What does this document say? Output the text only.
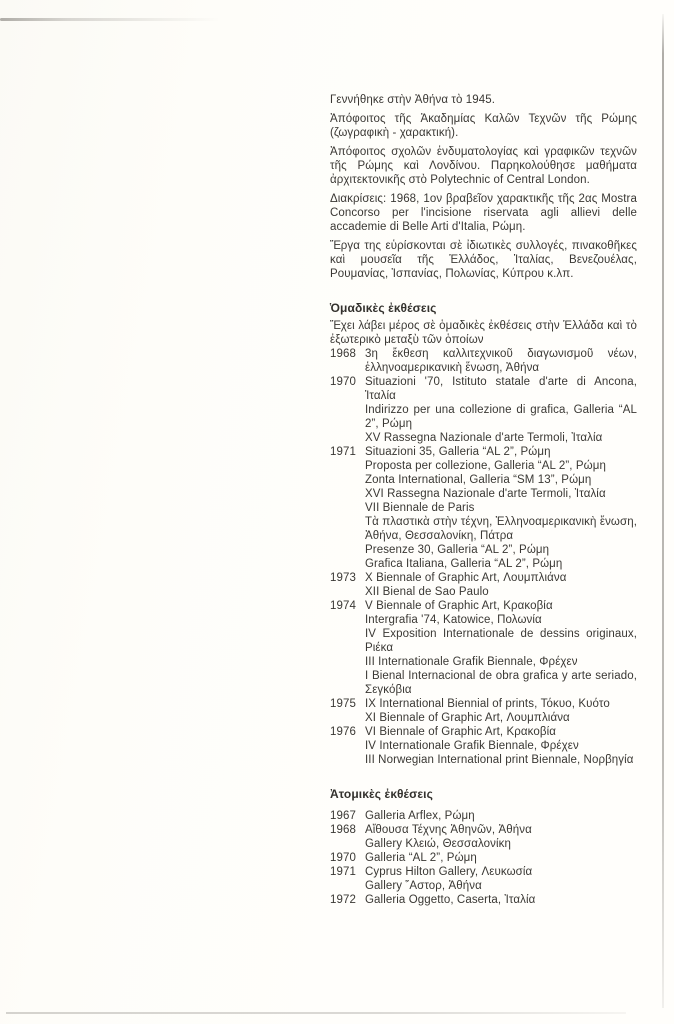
Γεννήθηκε στὴν Ἀθήνα τὸ 1945.

Ἀπόφοιτος τῆς Ἀκαδημίας Καλῶν Τεχνῶν τῆς Ρώμης (ζωγραφικὴ - χαρακτική).

Ἀπόφοιτος σχολῶν ἐνδυματολογίας καὶ γραφικῶν τεχνῶν τῆς Ρώμης καὶ Λονδίνου. Παρηκολούθησε μαθήματα ἀρχιτεκτονικῆς στὸ Polytechnic of Central London.

Διακρίσεις: 1968, 1ον βραβεῖον χαρακτικῆς τῆς 2ας Mostra Concorso per l'incisione riservata agli allievi delle accademie di Belle Arti d'Italia, Ρώμη.

Ἔργα της εὑρίσκονται σὲ ἰδιωτικὲς συλλογές, πινακοθῆκες καὶ μουσεῖα τῆς Ἑλλάδος, Ἰταλίας, Βενεζουέλας, Ρουμανίας, Ἱσπανίας, Πολωνίας, Κύπρου κ.λπ.

Ὁμαδικὲς ἐκθέσεις

Ἔχει λάβει μέρος σὲ ὁμαδικὲς ἐκθέσεις στὴν Ἑλλάδα καὶ τὸ ἐξωτερικὸ μεταξὺ τῶν ὁποίων

1968 3η ἔκθεση καλλιτεχνικοῦ διαγωνισμοῦ νέων, ἑλληνοαμερικανικὴ ἕνωση, Ἀθήνα

1970 Situazioni '70, Istituto statale d'arte di Ancona, Ἰταλία

Indirizzo per una collezione di grafica, Galleria “AL 2”, Ρώμη

XV Rassegna Nazionale d'arte Termoli, Ἰταλία

1971 Situazioni 35, Galleria “AL 2”, Ρώμη

Proposta per collezione, Galleria “AL 2”, Ρώμη

Zonta International, Galleria “SM 13”, Ρώμη

XVI Rassegna Nazionale d'arte Termoli, Ἰταλία

VII Biennale de Paris

Τὰ πλαστικὰ στὴν τέχνη, Ἑλληνοαμερικανικὴ ἕνωση, Ἀθήνα, Θεσσαλονίκη, Πάτρα

Presenze 30, Galleria “AL 2”, Ρώμη

Grafica Italiana, Galleria “AL 2”, Ρώμη

1973 X Biennale of Graphic Art, Λουμπλιάνα

XII Bienal de Sao Paulo

1974 V Biennale of Graphic Art, Κρακοβία

Intergrafia '74, Katowice, Πολωνία

IV Exposition Internationale de dessins originaux, Ριέκα

III Internationale Grafik Biennale, Φρέχεν

I Bienal Internacional de obra grafica y arte seriado, Σεγκόβια

1975 IX International Biennial of prints, Τόκυο, Κυότο

XI Biennale of Graphic Art, Λουμπλιάνα

1976 VI Biennale of Graphic Art, Κρακοβία

IV Internationale Grafik Biennale, Φρέχεν

III Norwegian International print Biennale, Νορβηγία

Ἀτομικὲς ἐκθέσεις
1967 Galleria Arflex, Ρώμη

1968 Αἴθουσα Τέχνης Ἀθηνῶν, Ἀθήνα

Gallery Κλειώ, Θεσσαλονίκη

1970 Galleria “AL 2”, Ρώμη

1971 Cyprus Hilton Gallery, Λευκωσία

Gallery ῞Αστορ, Ἀθήνα

1972 Galleria Oggetto, Caserta, Ἰταλία
